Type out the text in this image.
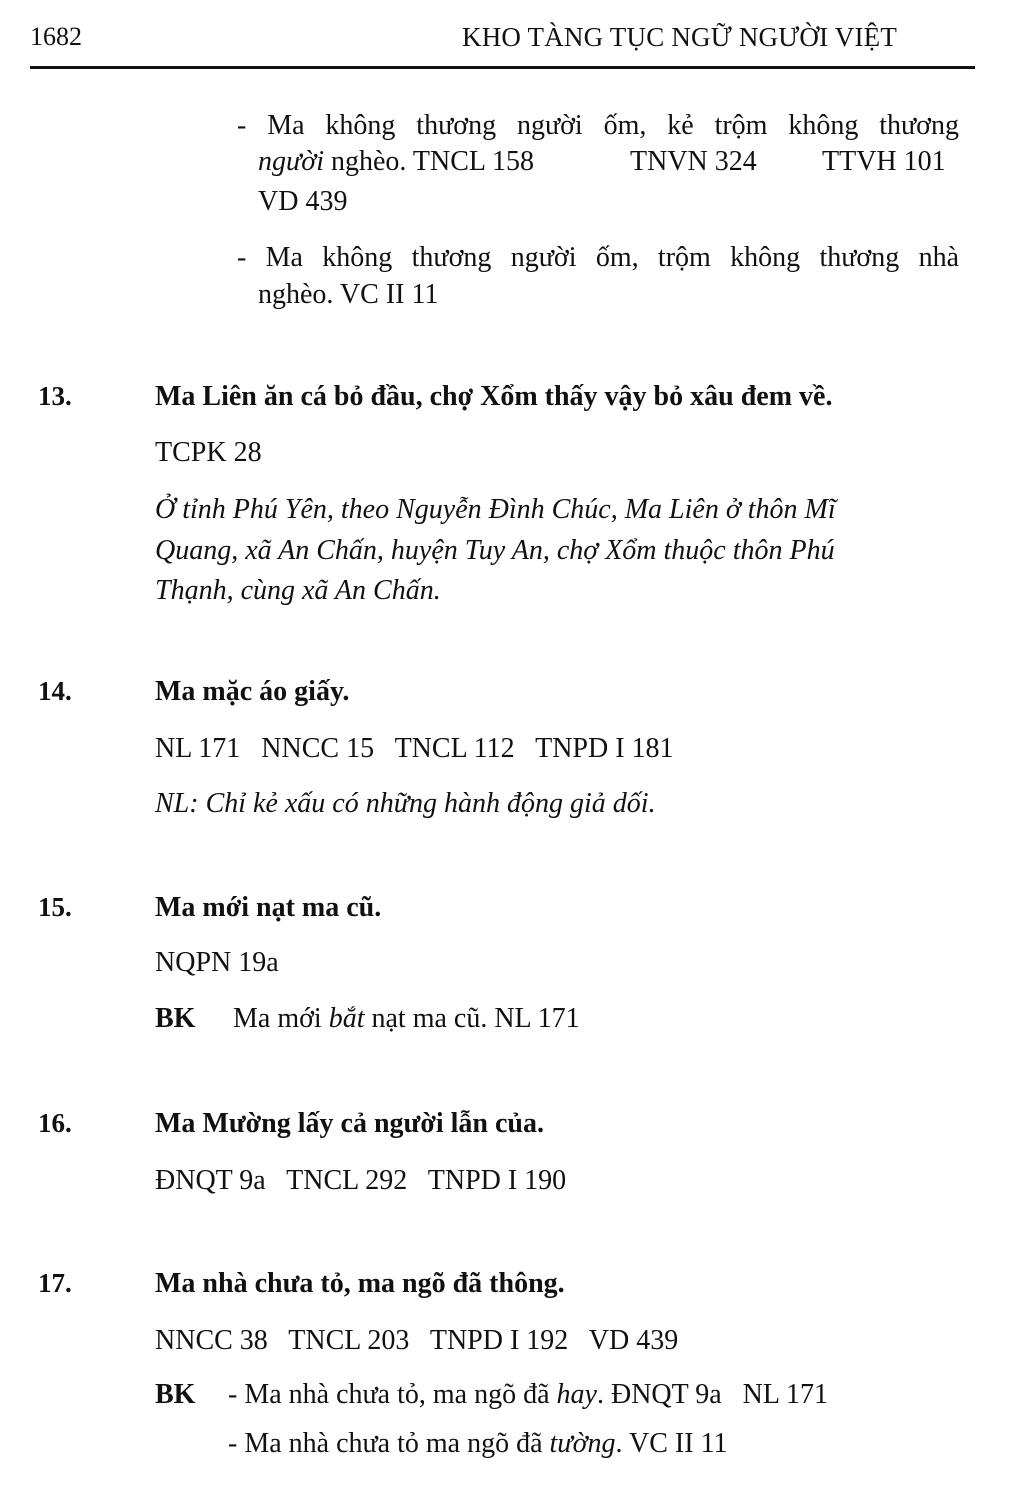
1682	KHO TÀNG TỤC NGỮ NGƯỜI VIỆT
- Ma không thương người ốm, kẻ trộm không thương
người nghèo. TNCL 158	TNVN 324 TTVH 101
VD 439
- Ma không thương người ốm, trộm không thương nhà
nghèo. VC II 11
13.	Ma Liên ăn cá bỏ đầu, chợ Xổm thấy vậy bỏ xâu đem về.
TCPK 28
Ở tỉnh Phú Yên, theo Nguyễn Đình Chúc, Ma Liên ở thôn Mĩ
Quang, xã An Chấn, huyện Tuy An, chợ Xổm thuộc thôn Phú
Thạnh, cùng xã An Chấn.
14.	Ma mặc áo giấy.
NL 171   NNCC 15   TNCL 112   TNPD I 181
NL: Chỉ kẻ xấu có những hành động giả dối.
15.	Ma mới nạt ma cũ.
NQPN 19a
BK Ma mới bắt nạt ma cũ. NL 171
16.	Ma Mường lấy cả người lẫn của.
ĐNQT 9a   TNCL 292   TNPD I 190
17.	Ma nhà chưa tỏ, ma ngõ đã thông.
NNCC 38   TNCL 203   TNPD I 192   VD 439
BK - Ma nhà chưa tỏ, ma ngõ đã hay. ĐNQT 9a   NL 171
- Ma nhà chưa tỏ ma ngõ đã tường. VC II 11
